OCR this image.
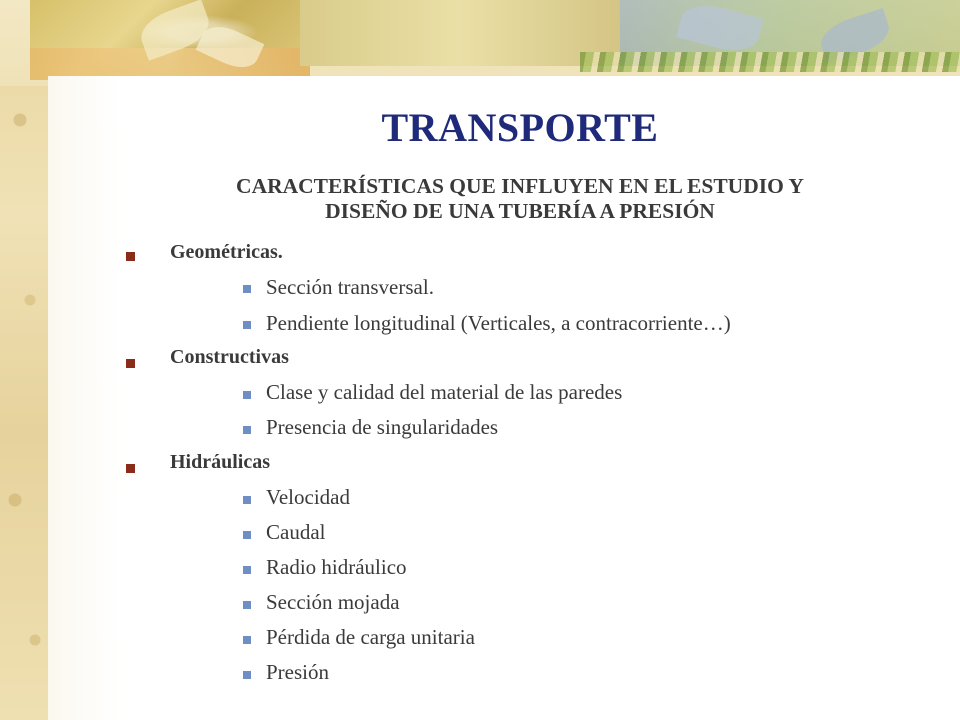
TRANSPORTE
CARACTERÍSTICAS QUE INFLUYEN EN EL ESTUDIO Y
DISEÑO DE UNA TUBERÍA A PRESIÓN
Geométricas.
Sección transversal.
Pendiente longitudinal (Verticales, a contracorriente…)
Constructivas
Clase y calidad del material de las paredes
Presencia de singularidades
Hidráulicas
Velocidad
Caudal
Radio hidráulico
Sección mojada
Pérdida de carga unitaria
Presión
